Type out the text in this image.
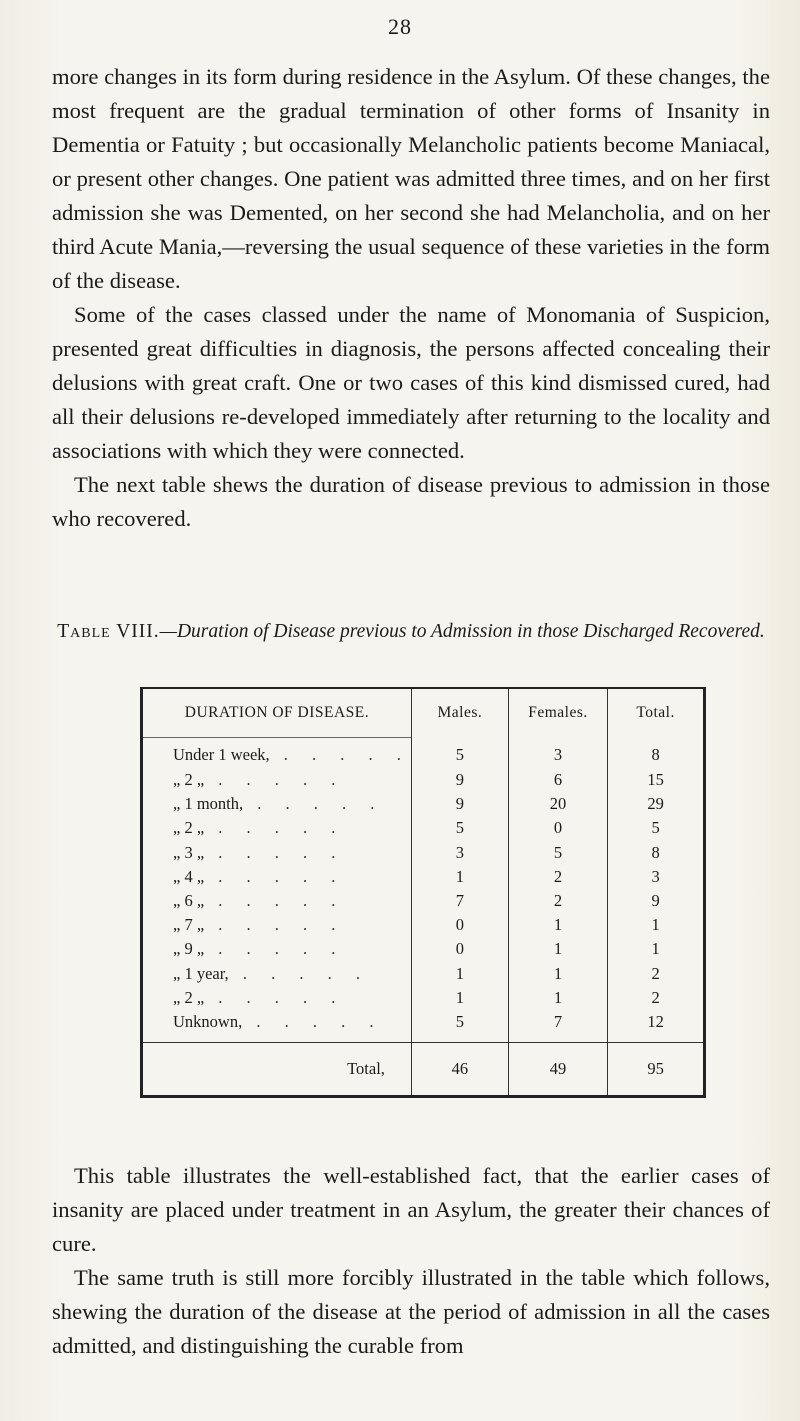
28

more changes in its form during residence in the Asylum. Of these changes, the most frequent are the gradual termination of other forms of Insanity in Dementia or Fatuity ; but occasionally Melancholic patients become Maniacal, or present other changes. One patient was admitted three times, and on her first admission she was Demented, on her second she had Melancholia, and on her third Acute Mania,—reversing the usual sequence of these varieties in the form of the disease.

Some of the cases classed under the name of Monomania of Suspicion, presented great difficulties in diagnosis, the persons affected concealing their delusions with great craft. One or two cases of this kind dismissed cured, had all their delusions re-developed immediately after returning to the locality and associations with which they were connected.

The next table shews the duration of disease previous to admission in those who recovered.

Table VIII.—Duration of Disease previous to Admission in those Discharged Recovered.
DURATION OF DISEASE.	Males.	Females.	Total.
Under 1 week, . . . . .	5	3	8
„ 2 „ . . . . .	9	6	15
„ 1 month, . . . . .	9	20	29
„ 2 „ . . . . .	5	0	5
„ 3 „ . . . . .	3	5	8
„ 4 „ . . . . .	1	2	3
„ 6 „ . . . . .	7	2	9
„ 7 „ . . . . .	0	1	1
„ 9 „ . . . . .	0	1	1
„ 1 year, . . . . .	1	1	2
„ 2 „ . . . . .	1	1	2
Unknown, . . . . .	5	7	12

Total,	46	49	95

This table illustrates the well-established fact, that the earlier cases of insanity are placed under treatment in an Asylum, the greater their chances of cure.

The same truth is still more forcibly illustrated in the table which follows, shewing the duration of the disease at the period of admission in all the cases admitted, and distinguishing the curable from
